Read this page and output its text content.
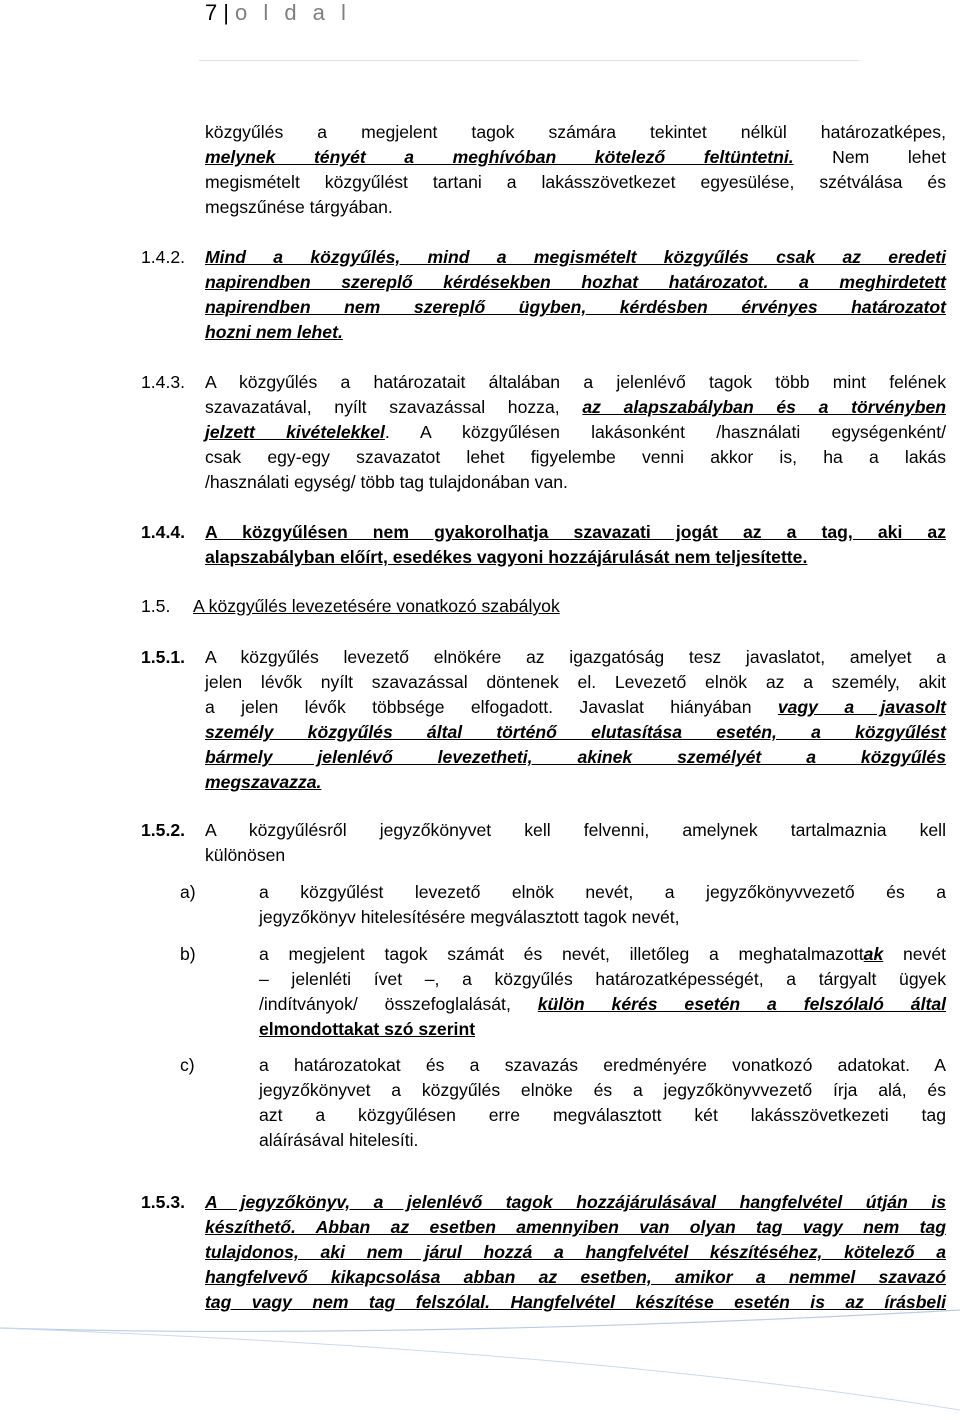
7 | o l d a l
közgyűlés a megjelent tagok számára tekintet nélkül határozatképes,
melynek tényét a meghívóban kötelező feltüntetni. Nem lehet
megismételt közgyűlést tartani a lakásszövetkezet egyesülése, szétválása és
megszűnése tárgyában.
1.4.2. Mind a közgyűlés, mind a megismételt közgyűlés csak az eredeti
napirendben szereplő kérdésekben hozhat határozatot. a meghirdetett
napirendben nem szereplő ügyben, kérdésben érvényes határozatot
hozni nem lehet.
1.4.3. A közgyűlés a határozatait általában a jelenlévő tagok több mint felének
szavazatával, nyílt szavazással hozza, az alapszabályban és a törvényben
jelzett kivételekkel. A közgyűlésen lakásonként /használati egységenként/
csak egy-egy szavazatot lehet figyelembe venni akkor is, ha a lakás
/használati egység/ több tag tulajdonában van.
1.4.4. A közgyűlésen nem gyakorolhatja szavazati jogát az a tag, aki az
alapszabályban előírt, esedékes vagyoni hozzájárulását nem teljesítette.
1.5. A közgyűlés levezetésére vonatkozó szabályok
1.5.1. A közgyűlés levezető elnökére az igazgatóság tesz javaslatot, amelyet a
jelen lévők nyílt szavazással döntenek el. Levezető elnök az a személy, akit
a jelen lévők többsége elfogadott. Javaslat hiányában vagy a javasolt
személy közgyűlés által történő elutasítása esetén, a közgyűlést
bármely jelenlévő levezetheti, akinek személyét a közgyűlés
megszavazza.
1.5.2. A közgyűlésről jegyzőkönyvet kell felvenni, amelynek tartalmaznia kell
különösen
a)	a közgyűlést levezető elnök nevét, a jegyzőkönyvvezető és a
jegyzőkönyv hitelesítésére megválasztott tagok nevét,
b)	a megjelent tagok számát és nevét, illetőleg a meghatalmazottak nevét
– jelenléti ívet –, a közgyűlés határozatképességét, a tárgyalt ügyek
/indítványok/ összefoglalását, külön kérés esetén a felszólaló által
elmondottakat szó szerint
c)	a határozatokat és a szavazás eredményére vonatkozó adatokat. A
jegyzőkönyvet a közgyűlés elnöke és a jegyzőkönyvvezető írja alá, és
azt a közgyűlésen erre megválasztott két lakásszövetkezeti tag
aláírásával hitelesíti.
1.5.3. A jegyzőkönyv, a jelenlévő tagok hozzájárulásával hangfelvétel útján is
készíthető. Abban az esetben amennyiben van olyan tag vagy nem tag
tulajdonos, aki nem járul hozzá a hangfelvétel készítéséhez, kötelező a
hangfelvevő kikapcsolása abban az esetben, amikor a nemmel szavazó
tag vagy nem tag felszólal. Hangfelvétel készítése esetén is az írásbeli
